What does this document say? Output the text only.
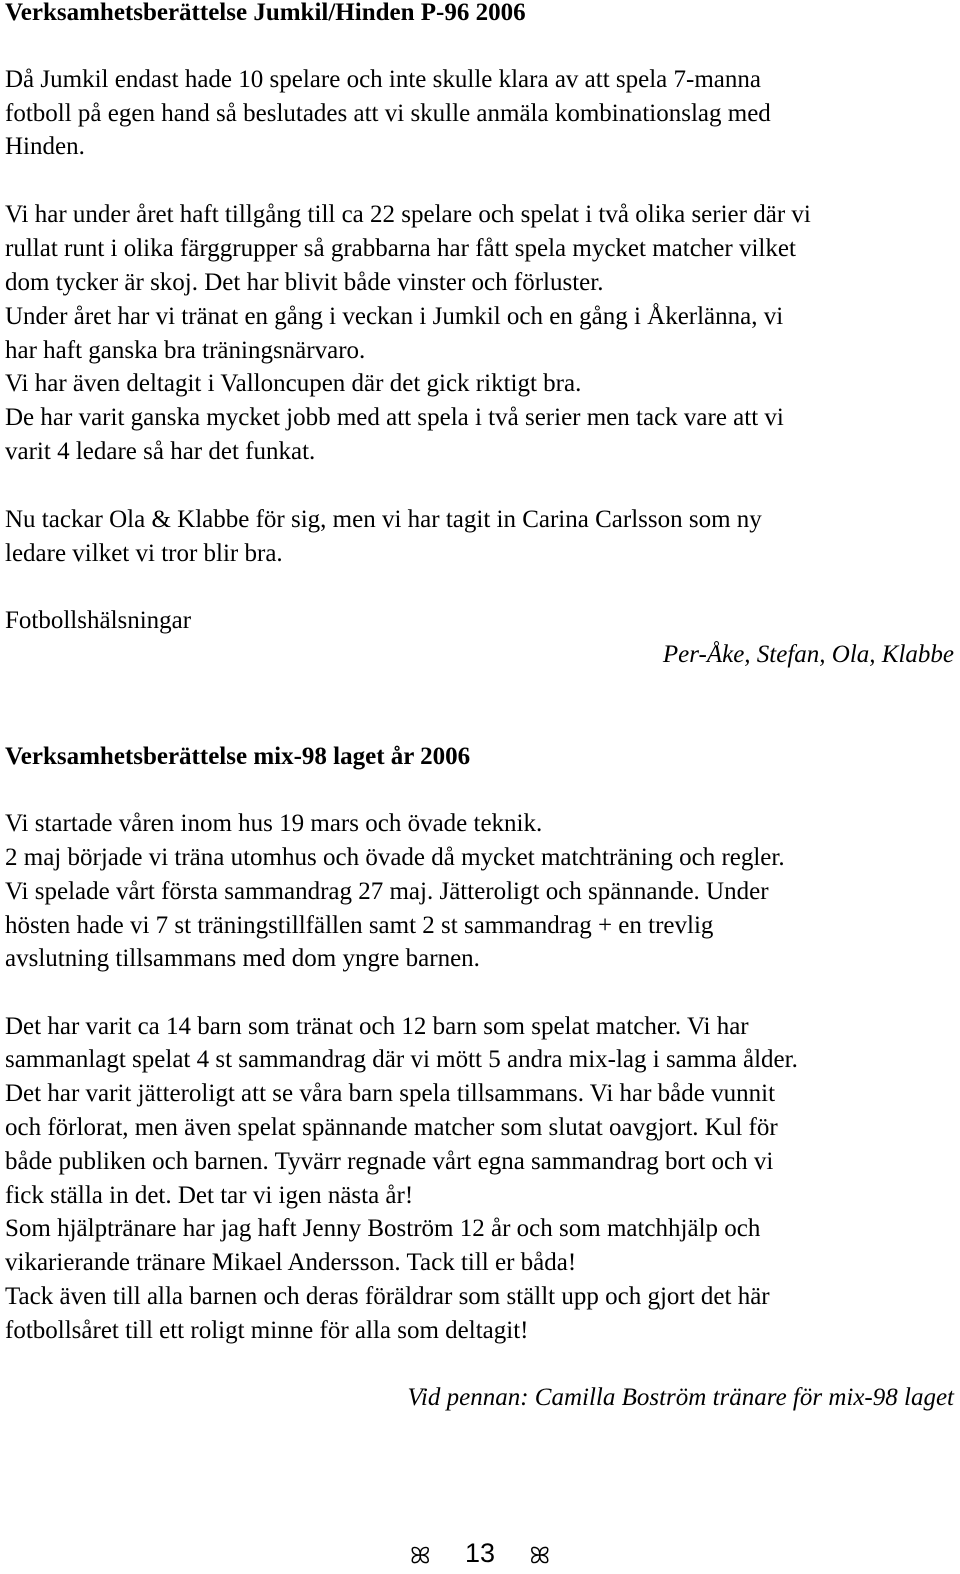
Verksamhetsberättelse Jumkil/Hinden P-96 2006
Då Jumkil endast hade 10 spelare och inte skulle klara av att spela 7-manna
fotboll på egen hand så beslutades att vi skulle anmäla kombinationslag med
Hinden.
Vi har under året haft tillgång till ca 22 spelare och spelat i två olika serier där vi
rullat runt i olika färggrupper så grabbarna har fått spela mycket matcher vilket
dom tycker är skoj. Det har blivit både vinster och förluster.
Under året har vi tränat en gång i veckan i Jumkil och en gång i Åkerlänna, vi
har haft ganska bra träningsnärvaro.
Vi har även deltagit i Valloncupen där det gick riktigt bra.
De har varit ganska mycket jobb med att spela i två serier men tack vare att vi
varit 4 ledare så har det funkat.
Nu tackar Ola & Klabbe för sig, men vi har tagit in Carina Carlsson som ny
ledare vilket vi tror blir bra.
Fotbollshälsningar
Per-Åke, Stefan, Ola, Klabbe
Verksamhetsberättelse mix-98 laget år 2006
Vi startade våren inom hus 19 mars och övade teknik.
2 maj började vi träna utomhus och övade då mycket matchträning och regler.
Vi spelade vårt första sammandrag 27 maj. Jätteroligt och spännande. Under
hösten hade vi 7 st träningstillfällen samt 2 st sammandrag + en trevlig
avslutning tillsammans med dom yngre barnen.
Det har varit ca 14 barn som tränat och 12 barn som spelat matcher. Vi har
sammanlagt spelat 4 st sammandrag där vi mött 5 andra mix-lag i samma ålder.
Det har varit jätteroligt att se våra barn spela tillsammans. Vi har både vunnit
och förlorat, men även spelat spännande matcher som slutat oavgjort. Kul för
både publiken och barnen. Tyvärr regnade vårt egna sammandrag bort och vi
fick ställa in det. Det tar vi igen nästa år!
Som hjälptränare har jag haft Jenny Boström 12 år och som matchhjälp och
vikarierande tränare Mikael Andersson. Tack till er båda!
Tack även till alla barnen och deras föräldrar som ställt upp och gjort det här
fotbollsåret till ett roligt minne för alla som deltagit!
Vid pennan: Camilla Boström tränare för mix-98 laget
ꕤ 13 ꕤ
